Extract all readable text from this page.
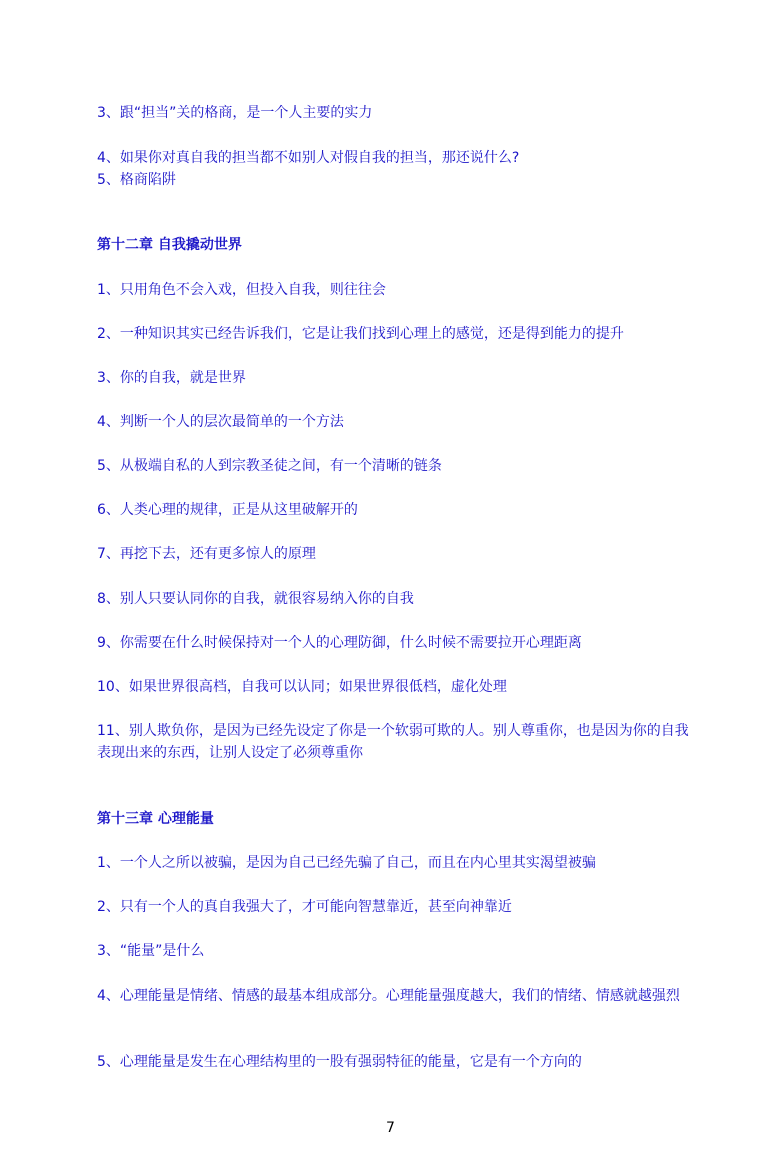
3、跟“担当”关的格商，是一个人主要的实力
4、如果你对真自我的担当都不如别人对假自我的担当，那还说什么?
5、格商陷阱
第十二章 自我撬动世界
1、只用角色不会入戏，但投入自我，则往往会
2、一种知识其实已经告诉我们，它是让我们找到心理上的感觉，还是得到能力的提升
3、你的自我，就是世界
4、判断一个人的层次最简单的一个方法
5、从极端自私的人到宗教圣徒之间，有一个清晰的链条
6、人类心理的规律，正是从这里破解开的
7、再挖下去，还有更多惊人的原理
8、别人只要认同你的自我，就很容易纳入你的自我
9、你需要在什么时候保持对一个人的心理防御，什么时候不需要拉开心理距离
10、如果世界很高档，自我可以认同；如果世界很低档，虚化处理
11、别人欺负你，是因为已经先设定了你是一个软弱可欺的人。别人尊重你，也是因为你的自我表现出来的东西，让别人设定了必须尊重你
第十三章 心理能量
1、一个人之所以被骗，是因为自己已经先骗了自己，而且在内心里其实渴望被骗
2、只有一个人的真自我强大了，才可能向智慧靠近，甚至向神靠近
3、“能量”是什么
4、心理能量是情绪、情感的最基本组成部分。心理能量强度越大，我们的情绪、情感就越强烈
5、心理能量是发生在心理结构里的一股有强弱特征的能量，它是有一个方向的
7
